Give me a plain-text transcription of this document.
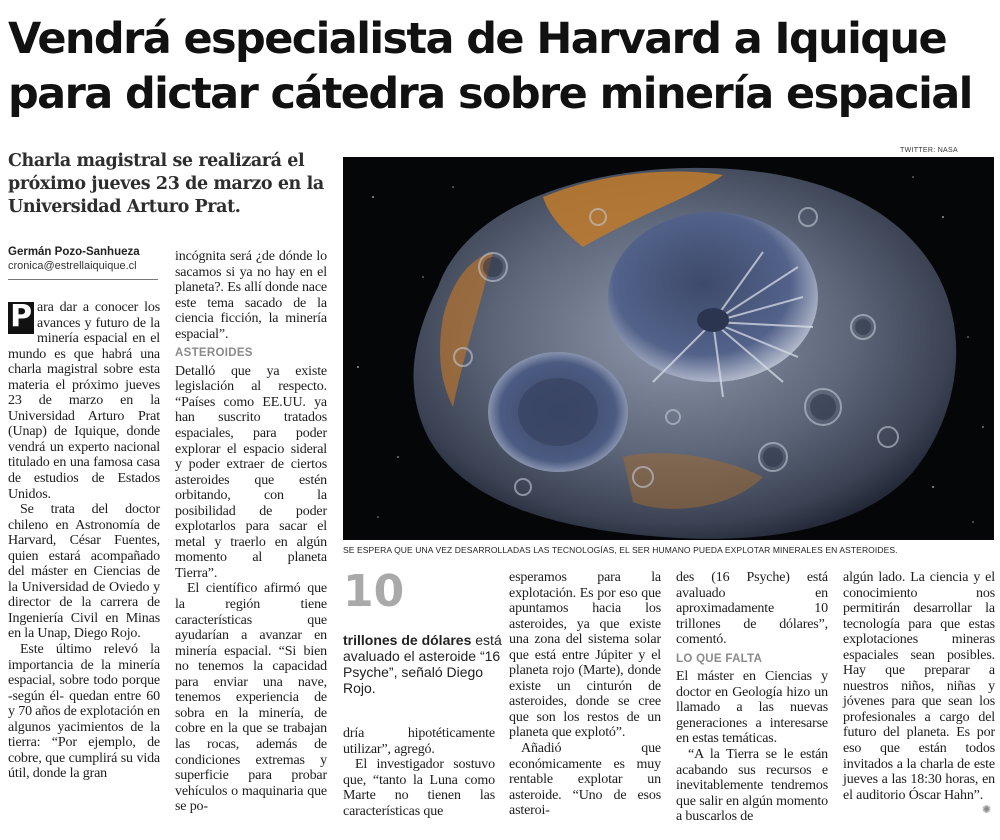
Vendrá especialista de Harvard a Iquique para dictar cátedra sobre minería espacial
Charla magistral se realizará el próximo jueves 23 de marzo en la Universidad Arturo Prat.
Germán Pozo-Sanhueza
cronica@estrellaiquique.cl
TWITTER: NASA
SE ESPERA QUE UNA VEZ DESARROLLADAS LAS TECNOLOGÍAS, EL SER HUMANO PUEDA EXPLOTAR MINERALES EN ASTEROIDES.

P ara dar a conocer los avances y futuro de la minería espacial en el mundo es que habrá una charla magistral sobre esta materia el próximo jueves 23 de marzo en la Universidad Arturo Prat (Unap) de Iquique, donde vendrá un experto nacional titulado en una famosa casa de estudios de Estados Unidos.

Se trata del doctor chileno en Astronomía de Harvard, César Fuentes, quien estará acompañado del máster en Ciencias de la Universidad de Oviedo y director de la carrera de Ingeniería Civil en Minas en la Unap, Diego Rojo.

Este último relevó la importancia de la minería espacial, sobre todo porque -según él- quedan entre 60 y 70 años de explotación en algunos yacimientos de la tierra: “Por ejemplo, de cobre, que cumplirá su vida útil, donde la gran

incógnita será ¿de dónde lo sacamos si ya no hay en el planeta?. Es allí donde nace este tema sacado de la ciencia ficción, la minería espacial”.

ASTEROIDES

Detalló que ya existe legislación al respecto. “Países como EE.UU. ya han suscrito tratados espaciales, para poder explorar el espacio sideral y poder extraer de ciertos asteroides que estén orbitando, con la posibilidad de poder explotarlos para sacar el metal y traerlo en algún momento al planeta Tierra”.

El científico afirmó que la región tiene características que ayudarían a avanzar en minería espacial. “Si bien no tenemos la capacidad para enviar una nave, tenemos experiencia de sobra en la minería, de cobre en la que se trabajan las rocas, además de condiciones extremas y superficie para probar vehículos o maquinaria que se po-

10
trillones de dólares está avaluado el asteroide “16 Psyche”, señaló Diego Rojo.

dría hipotéticamente utilizar”, agregó.

El investigador sostuvo que, “tanto la Luna como Marte no tienen las características que

esperamos para la explotación. Es por eso que apuntamos hacia los asteroides, ya que existe una zona del sistema solar que está entre Júpiter y el planeta rojo (Marte), donde existe un cinturón de asteroides, donde se cree que son los restos de un planeta que explotó”.

Añadió que económicamente es muy rentable explotar un asteroide. “Uno de esos asteroi-

des (16 Psyche) está avaluado en aproximadamente 10 trillones de dólares”, comentó.

LO QUE FALTA

El máster en Ciencias y doctor en Geología hizo un llamado a las nuevas generaciones a interesarse en estas temáticas.

“A la Tierra se le están acabando sus recursos e inevitablemente tendremos que salir en algún momento a buscarlos de

algún lado. La ciencia y el conocimiento nos permitirán desarrollar la tecnología para que estas explotaciones mineras espaciales sean posibles. Hay que preparar a nuestros niños, niñas y jóvenes para que sean los profesionales a cargo del futuro del planeta. Es por eso que están todos invitados a la charla de este jueves a las 18:30 horas, en el auditorio Óscar Hahn”.

✺
